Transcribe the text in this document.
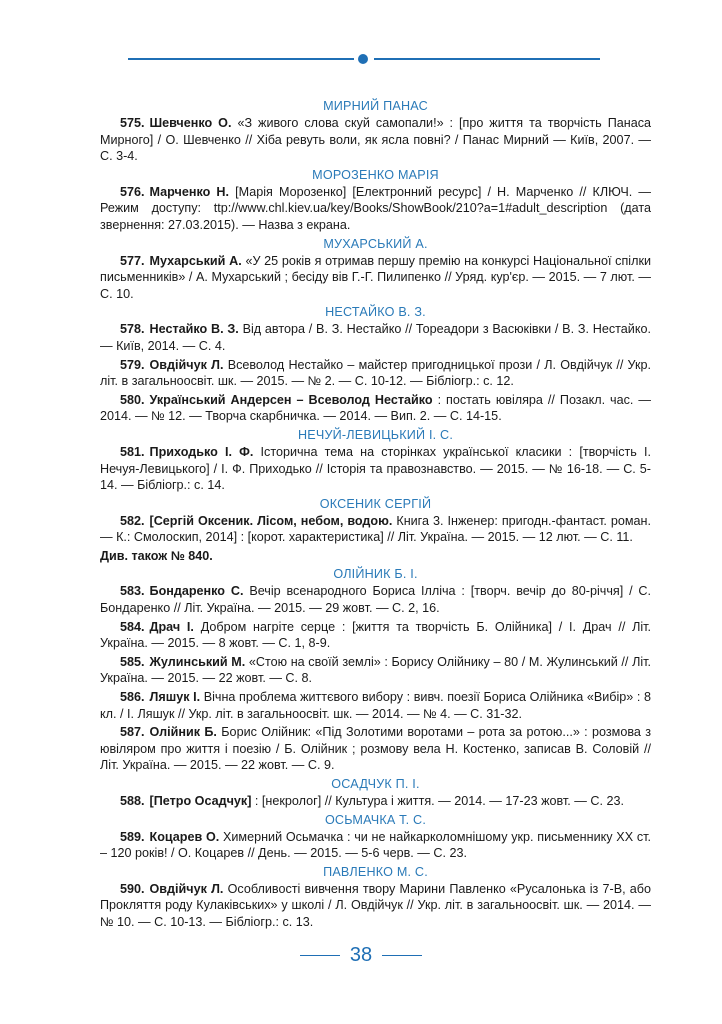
МИРНИЙ ПАНАС
575. Шевченко О. «З живого слова скуй самопали!» : [про життя та творчість Панаса Мирного] / О. Шевченко // Хіба ревуть воли, як ясла повні? / Панас Мирний — Київ, 2007. — С. 3-4.
МОРОЗЕНКО МАРІЯ
576. Марченко Н. [Марія Морозенко] [Електронний ресурс] / Н. Марченко // КЛЮЧ. — Режим доступу: ttp://www.chl.kiev.ua/key/Books/ShowBook/210?a=1#adult_description (дата звернення: 27.03.2015). — Назва з екрана.
МУХАРСЬКИЙ А.
577. Мухарський А. «У 25 років я отримав першу премію на конкурсі Національної спілки письменників» / А. Мухарський ; бесіду вів Г.-Г. Пилипенко // Уряд. кур'єр. — 2015. — 7 лют. — С. 10.
НЕСТАЙКО В. З.
578. Нестайко В. З. Від автора / В. З. Нестайко // Тореадори з Васюківки / В. З. Нестайко. — Київ, 2014. — С. 4.
579. Овдійчук Л. Всеволод Нестайко – майстер пригодницької прози / Л. Овдійчук // Укр. літ. в загальноосвіт. шк. — 2015. — № 2. — С. 10-12. — Бібліогр.: с. 12.
580. Український Андерсен – Всеволод Нестайко : постать ювіляра // Позакл. час. — 2014. — № 12. — Творча скарбничка. — 2014. — Вип. 2. — С. 14-15.
НЕЧУЙ-ЛЕВИЦЬКИЙ І. С.
581. Приходько І. Ф. Історична тема на сторінках української класики : [творчість І. Нечуя-Левицького] / І. Ф. Приходько // Історія та правознавство. — 2015. — № 16-18. — С. 5-14. — Бібліогр.: с. 14.
ОКСЕНИК СЕРГІЙ
582. [Сергій Оксеник. Лісом, небом, водою. Книга 3. Інженер: пригодн.-фантаст. роман. — К.: Смолоскип, 2014] : [корот. характеристика] // Літ. Україна. — 2015. — 12 лют. — С. 11.
Див. також № 840.
ОЛІЙНИК Б. І.
583. Бондаренко С. Вечір всенародного Бориса Ілліча : [творч. вечір до 80-річчя] / С. Бондаренко // Літ. Україна. — 2015. — 29 жовт. — С. 2, 16.
584. Драч І. Добром нагріте серце : [життя та творчість Б. Олійника] / І. Драч // Літ. Україна. — 2015. — 8 жовт. — С. 1, 8-9.
585. Жулинський М. «Стою на своїй землі» : Борису Олійнику – 80 / М. Жулинський // Літ. Україна. — 2015. — 22 жовт. — С. 8.
586. Ляшук І. Вічна проблема життєвого вибору : вивч. поезії Бориса Олійника «Вибір» : 8 кл. / І. Ляшук // Укр. літ. в загальноосвіт. шк. — 2014. — № 4. — С. 31-32.
587. Олійник Б. Борис Олійник: «Під Золотими воротами – рота за ротою...» : розмова з ювіляром про життя і поезію / Б. Олійник ; розмову вела Н. Костенко, записав В. Соловій // Літ. Україна. — 2015. — 22 жовт. — С. 9.
ОСАДЧУК П. І.
588. [Петро Осадчук] : [некролог] // Культура і життя. — 2014. — 17-23 жовт. — С. 23.
ОСЬМАЧКА Т. С.
589. Коцарев О. Химерний Осьмачка : чи не найкарколомнішому укр. письменнику XX ст. – 120 років! / О. Коцарев // День. — 2015. — 5-6 черв. — С. 23.
ПАВЛЕНКО М. С.
590. Овдійчук Л. Особливості вивчення твору Марини Павленко «Русалонька із 7-В, або Прокляття роду Кулаківських» у школі / Л. Овдійчук // Укр. літ. в загальноосвіт. шк. — 2014. — № 10. — С. 10-13. — Бібліогр.: с. 13.
38
